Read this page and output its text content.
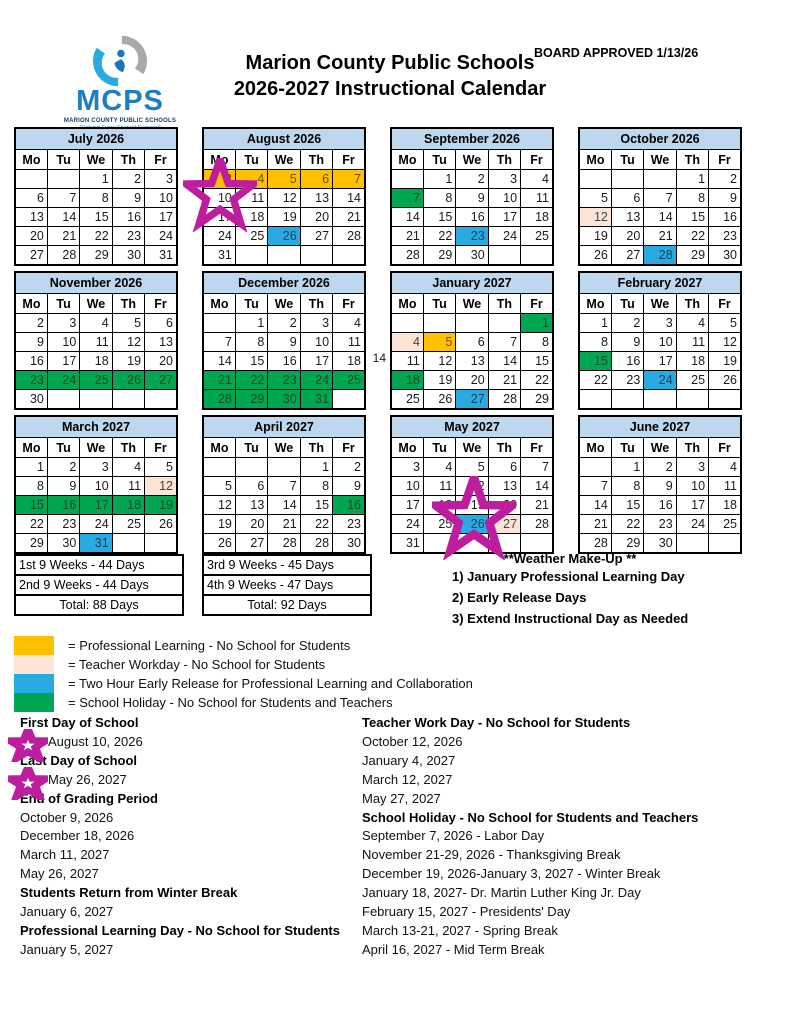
MCPS
MARION COUNTY PUBLIC SCHOOLS
Marion County Public Schools
2026-2027 Instructional Calendar
BOARD APPROVED 1/13/26
July 2026				
Mo	Tu	We	Th	Fr
		1	2	3
6	7	8	9	10
13	14	15	16	17
20	21	22	23	24
27	28	29	30	31
August 2026				
Mo	Tu	We	Th	Fr
3	4	5	6	7
10	11	12	13	14
17	18	19	20	21
24	25	26	27	28
31				
September 2026				
Mo	Tu	We	Th	Fr
	1	2	3	4
7	8	9	10	11
14	15	16	17	18
21	22	23	24	25
28	29	30		
October 2026				
Mo	Tu	We	Th	Fr
			1	2
5	6	7	8	9
12	13	14	15	16
19	20	21	22	23
26	27	28	29	30
November 2026				
Mo	Tu	We	Th	Fr
2	3	4	5	6
9	10	11	12	13
16	17	18	19	20
23	24	25	26	27
30				
December 2026				
Mo	Tu	We	Th	Fr
	1	2	3	4
7	8	9	10	11
14	15	16	17	18
21	22	23	24	25
28	29	30	31	
January 2027				
Mo	Tu	We	Th	Fr
				1
4	5	6	7	8
11	12	13	14	15
18	19	20	21	22
25	26	27	28	29
February 2027				
Mo	Tu	We	Th	Fr
1	2	3	4	5
8	9	10	11	12
15	16	17	18	19
22	23	24	25	26

March 2027				
Mo	Tu	We	Th	Fr
1	2	3	4	5
8	9	10	11	12
15	16	17	18	19
22	23	24	25	26
29	30	31		
April 2027				
Mo	Tu	We	Th	Fr
			1	2
5	6	7	8	9
12	13	14	15	16
19	20	21	22	23
26	27	28	28	30
May 2027				
Mo	Tu	We	Th	Fr
3	4	5	6	7
10	11	12	13	14
17	18	19	20	21
24	25	26	27	28
31				
June 2027				
Mo	Tu	We	Th	Fr
	1	2	3	4
7	8	9	10	11
14	15	16	17	18
21	22	23	24	25
28	29	30		
14
1st 9 Weeks - 44 Days
2nd 9 Weeks - 44 Days
Total: 88 Days
3rd 9 Weeks - 45 Days
4th 9 Weeks - 47 Days
Total: 92 Days
**Weather Make-Up **
1) January Professional Learning Day
2) Early Release Days
3) Extend Instructional Day as Needed
= Professional Learning - No School for Students
= Teacher Workday - No School for Students
= Two Hour Early Release for Professional Learning and Collaboration
= School Holiday - No School for Students and Teachers
First Day of School
August 10, 2026
Last Day of School
May 26, 2027
End of Grading Period
October 9, 2026
December 18, 2026
March 11, 2027
May 26, 2027
Students Return from Winter Break
January 6, 2027
Professional Learning Day - No School for Students
January 5, 2027
Teacher Work Day - No School for Students
October 12, 2026
January 4, 2027
March 12, 2027
May 27, 2027
School Holiday - No School for Students and Teachers
September 7, 2026 - Labor Day
November 21-29, 2026 - Thanksgiving Break
December 19, 2026-January 3, 2027 - Winter Break
January 18, 2027- Dr. Martin Luther King Jr. Day
February 15, 2027 - Presidents' Day
March 13-21, 2027 - Spring Break
April 16, 2027 - Mid Term Break
